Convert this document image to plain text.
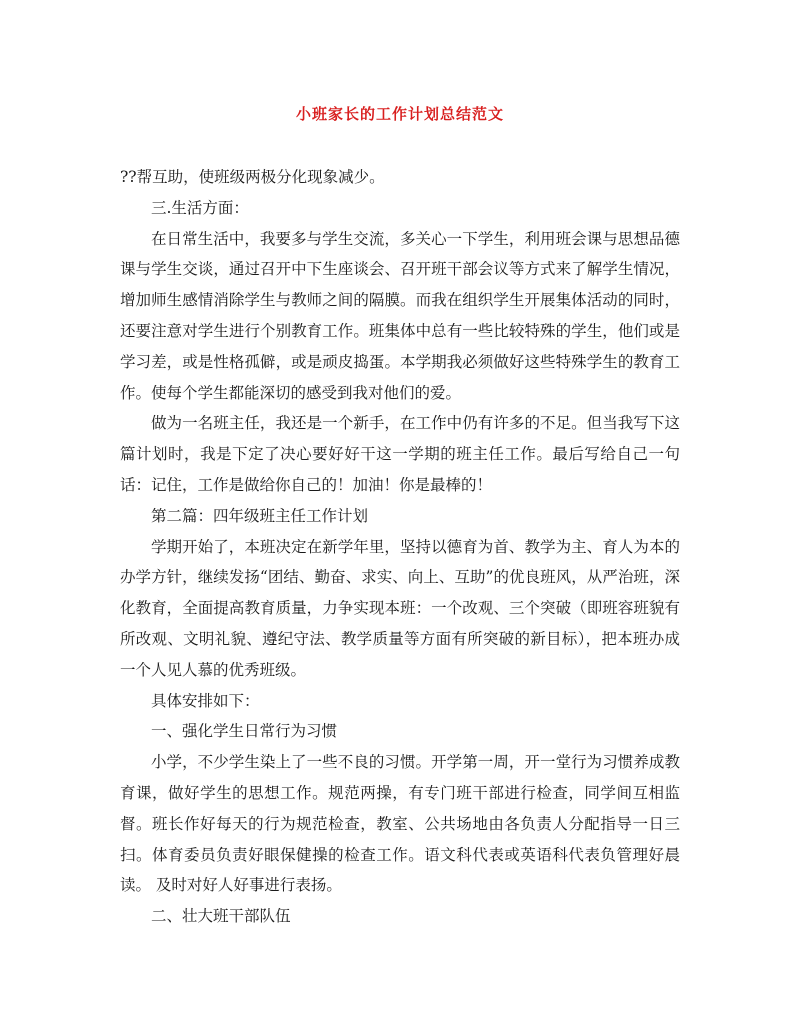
小班家长的工作计划总结范文

??帮互助，使班级两极分化现象减少。

三.生活方面：

在日常生活中，我要多与学生交流，多关心一下学生，利用班会课与思想品德课与学生交谈，通过召开中下生座谈会、召开班干部会议等方式来了解学生情况，增加师生感情消除学生与教师之间的隔膜。而我在组织学生开展集体活动的同时，还要注意对学生进行个别教育工作。班集体中总有一些比较特殊的学生，他们或是学习差，或是性格孤僻，或是顽皮捣蛋。本学期我必须做好这些特殊学生的教育工作。使每个学生都能深切的感受到我对他们的爱。

做为一名班主任，我还是一个新手，在工作中仍有许多的不足。但当我写下这篇计划时，我是下定了决心要好好干这一学期的班主任工作。最后写给自己一句话：记住，工作是做给你自己的！加油！你是最棒的！

第二篇：四年级班主任工作计划

学期开始了，本班决定在新学年里，坚持以德育为首、教学为主、育人为本的办学方针，继续发扬“团结、勤奋、求实、向上、互助”的优良班风，从严治班，深 化教育，全面提高教育质量，力争实现本班：一个改观、三个突破（即班容班貌有所改观、文明礼貌、遵纪守法、教学质量等方面有所突破的新目标），把本班办成 一个人见人慕的优秀班级。

具体安排如下：

一、强化学生日常行为习惯

小学，不少学生染上了一些不良的习惯。开学第一周，开一堂行为习惯养成教育课，做好学生的思想工作。规范两操，有专门班干部进行检查，同学间互相监 督。班长作好每天的行为规范检查，教室、公共场地由各负责人分配指导一日三扫。体育委员负责好眼保健操的检查工作。语文科代表或英语科代表负管理好晨读。 及时对好人好事进行表扬。

二、壮大班干部队伍
